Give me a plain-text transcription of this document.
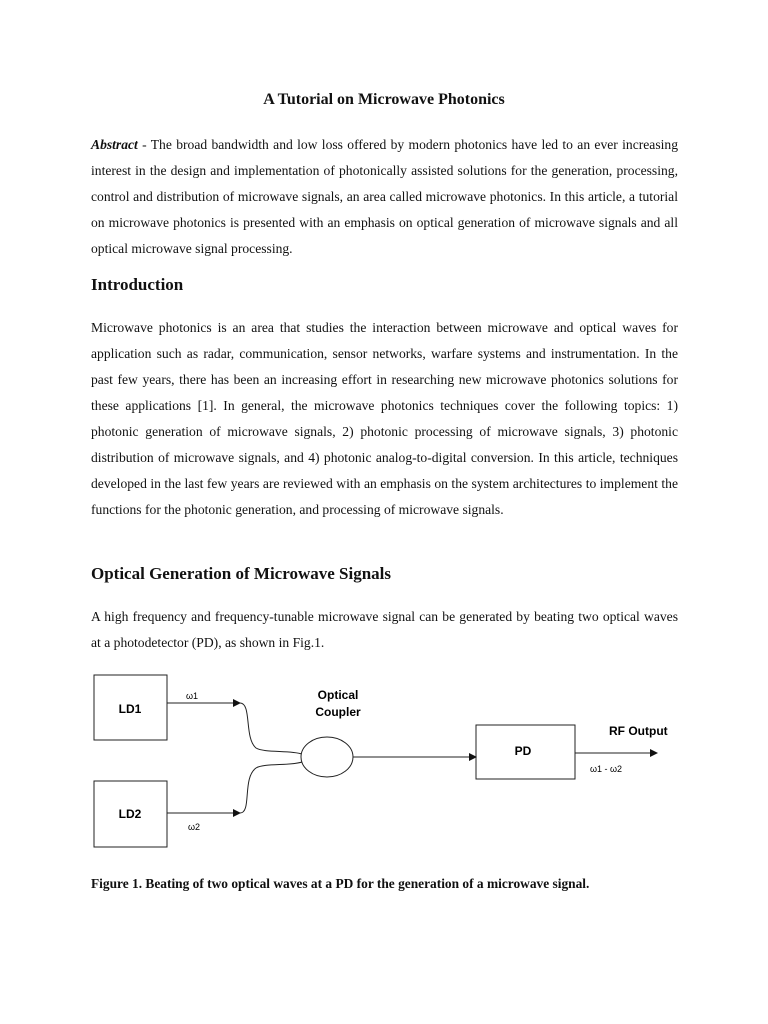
A Tutorial on Microwave Photonics

Abstract - The broad bandwidth and low loss offered by modern photonics have led to an ever increasing interest in the design and implementation of photonically assisted solutions for the generation, processing, control and distribution of microwave signals, an area called microwave photonics. In this article, a tutorial on microwave photonics is presented with an emphasis on optical generation of microwave signals and all optical microwave signal processing.

Introduction

Microwave photonics is an area that studies the interaction between microwave and optical waves for application such as radar, communication, sensor networks, warfare systems and instrumentation. In the past few years, there has been an increasing effort in researching new microwave photonics solutions for these applications [1]. In general, the microwave photonics techniques cover the following topics: 1) photonic generation of microwave signals, 2) photonic processing of microwave signals, 3) photonic distribution of microwave signals, and 4) photonic analog-to-digital conversion. In this article, techniques developed in the last few years are reviewed with an emphasis on the system architectures to implement the functions for the photonic generation, and processing of microwave signals.

Optical Generation of Microwave Signals

A high frequency and frequency-tunable microwave signal can be generated by beating two optical waves at a photodetector (PD), as shown in Fig.1.

LD1
LD2
ω1
ω2
Optical
Coupler
PD
RF Output
ω1 - ω2

Figure 1. Beating of two optical waves at a PD for the generation of a microwave signal.
